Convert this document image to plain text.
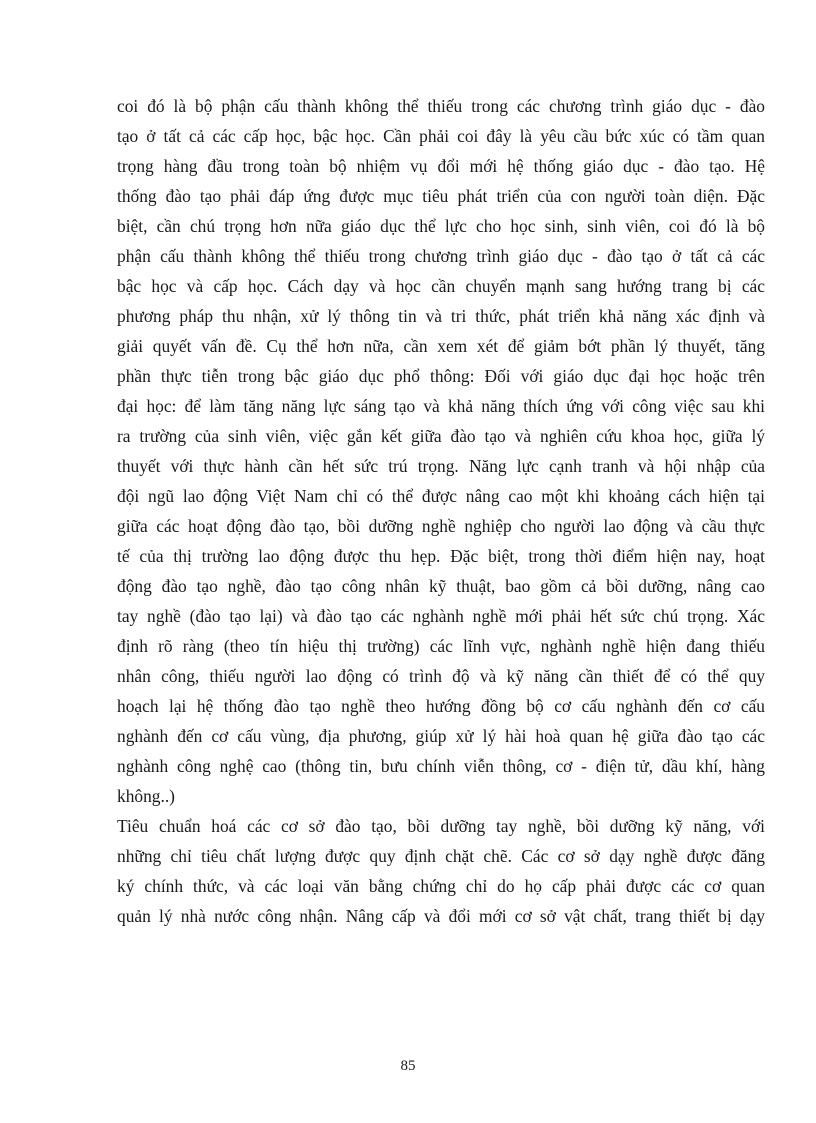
coi đó là bộ phận cấu thành không thể thiếu trong các chương trình giáo dục - đào
tạo ở tất cả các cấp học, bậc học. Cần phải coi đây là yêu cầu bức xúc có tầm quan
trọng hàng đầu trong toàn bộ nhiệm vụ đổi mới hệ thống giáo dục - đào tạo. Hệ
thống đào tạo phải đáp ứng được mục tiêu phát triển của con người toàn diện. Đặc
biệt, cần chú trọng hơn nữa giáo dục thể lực cho học sinh, sinh viên, coi đó là bộ
phận cấu thành không thể thiếu trong chương trình giáo dục - đào tạo ở tất cả các
bậc học và cấp học. Cách dạy và học cần chuyển mạnh sang hướng trang bị các
phương pháp thu nhận, xử lý thông tin và tri thức, phát triển khả năng xác định và
giải quyết vấn đề. Cụ thể hơn nữa, cần xem xét để giảm bớt phần lý thuyết, tăng
phần thực tiễn trong bậc giáo dục phổ thông: Đối với giáo dục đại học hoặc trên
đại học: để làm tăng năng lực sáng tạo và khả năng thích ứng với công việc sau khi
ra trường của sinh viên, việc gắn kết giữa đào tạo và nghiên cứu khoa học, giữa lý
thuyết với thực hành cần hết sức trú trọng. Năng lực cạnh tranh và hội nhập của
đội ngũ lao động Việt Nam chỉ có thể được nâng cao một khi khoảng cách hiện tại
giữa các hoạt động đào tạo, bồi dưỡng nghề nghiệp cho người lao động và cầu thực
tế của thị trường lao động được thu hẹp. Đặc biệt, trong thời điểm hiện nay, hoạt
động đào tạo nghề, đào tạo công nhân kỹ thuật, bao gồm cả bồi dưỡng, nâng cao
tay nghề (đào tạo lại) và đào tạo các nghành nghề mới phải hết sức chú trọng. Xác
định rõ ràng (theo tín hiệu thị trường) các lĩnh vực, nghành nghề hiện đang thiếu
nhân công, thiếu người lao động có trình độ và kỹ năng cần thiết để có thể quy
hoạch lại hệ thống đào tạo nghề theo hướng đồng bộ cơ cấu nghành đến cơ cấu
nghành đến cơ cấu vùng, địa phương, giúp xử lý hài hoà quan hệ giữa đào tạo các
nghành công nghệ cao (thông tin, bưu chính viễn thông, cơ - điện tử, dầu khí, hàng
không..)
Tiêu chuẩn hoá các cơ sở đào tạo, bồi dưỡng tay nghề, bồi dưỡng kỹ năng, với
những chỉ tiêu chất lượng được quy định chặt chẽ. Các cơ sở dạy nghề được đăng
ký chính thức, và các loại văn bằng chứng chỉ do họ cấp phải được các cơ quan
quản lý nhà nước công nhận. Nâng cấp và đổi mới cơ sở vật chất, trang thiết bị dạy
85
